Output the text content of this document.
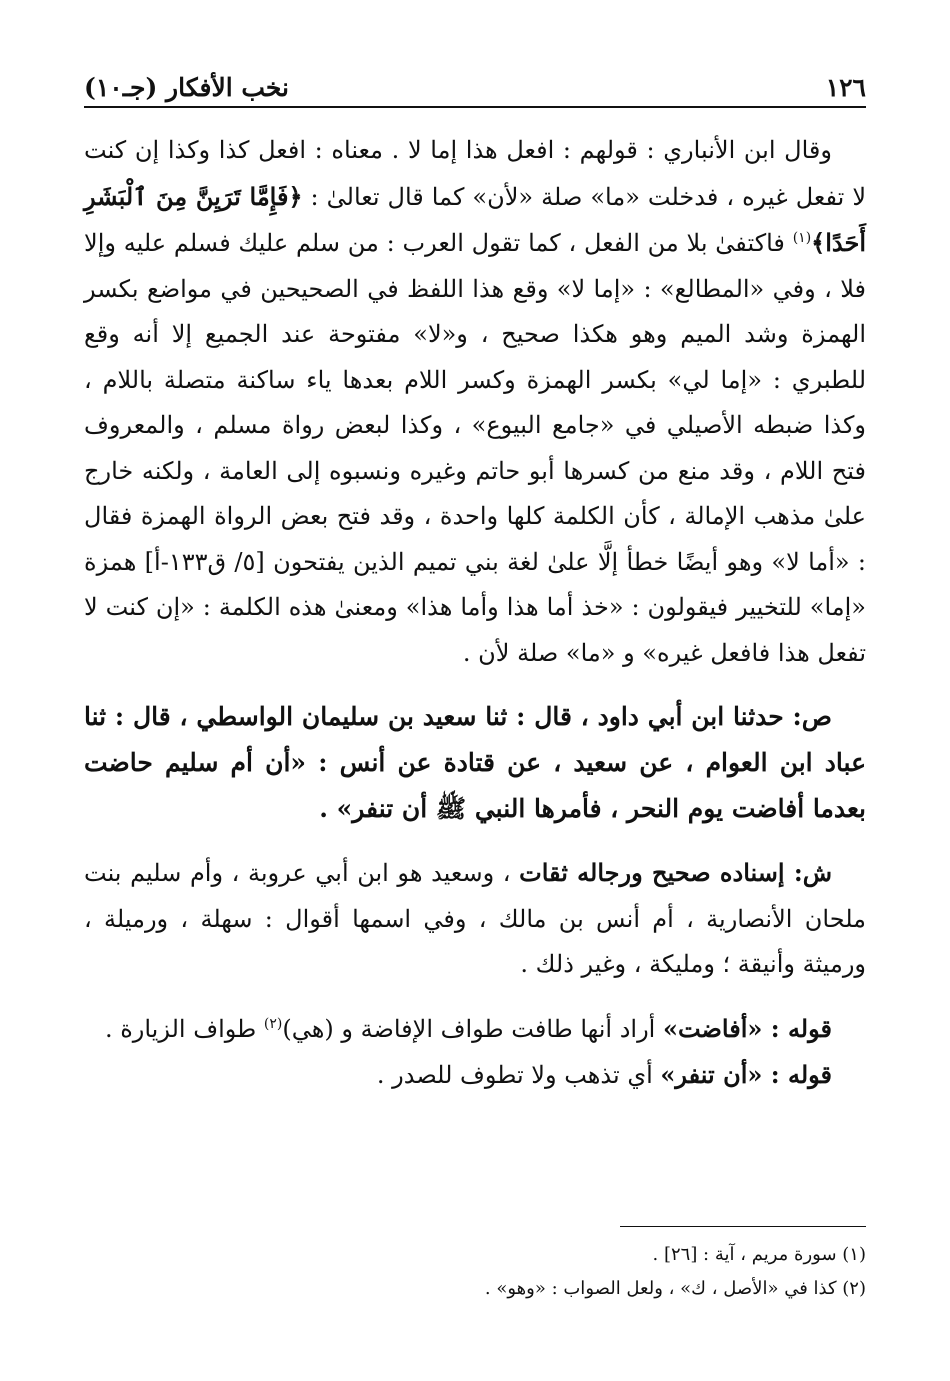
١٢٦
نخب الأفكار (جـ١٠)

وقال ابن الأنباري : قولهم : افعل هذا إما لا . معناه : افعل كذا وكذا إن كنت لا تفعل غيره ، فدخلت «ما» صلة «لأن» كما قال تعالىٰ : ﴿فَإِمَّا تَرَيِنَّ مِنَ ٱلْبَشَرِ أَحَدًا﴾$^{(١)}$ فاكتفىٰ بلا من الفعل ، كما تقول العرب : من سلم عليك فسلم عليه وإلا فلا ، وفي «المطالع» : «إما لا» وقع هذا اللفظ في الصحيحين في مواضع بكسر الهمزة وشد الميم وهو هكذا صحيح ، و«لا» مفتوحة عند الجميع إلا أنه وقع للطبري : «إما لي» بكسر الهمزة وكسر اللام بعدها ياء ساكنة متصلة باللام ، وكذا ضبطه الأصيلي في «جامع البيوع» ، وكذا لبعض رواة مسلم ، والمعروف فتح اللام ، وقد منع من كسرها أبو حاتم وغيره ونسبوه إلى العامة ، ولكنه خارج علىٰ مذهب الإمالة ، كأن الكلمة كلها واحدة ، وقد فتح بعض الرواة الهمزة فقال : «أما لا» وهو أيضًا خطأ إلَّا علىٰ لغة بني تميم الذين يفتحون [٥/ ق١٣٣-أ] همزة «إما» للتخيير فيقولون : «خذ أما هذا وأما هذا» ومعنىٰ هذه الكلمة : «إن كنت لا تفعل هذا فافعل غيره» و «ما» صلة لأن .

ص: حدثنا ابن أبي داود ، قال : ثنا سعيد بن سليمان الواسطي ، قال : ثنا عباد ابن العوام ، عن سعيد ، عن قتادة عن أنس : «أن أم سليم حاضت بعدما أفاضت يوم النحر ، فأمرها النبي ﷺ أن تنفر» .

ش: إسناده صحيح ورجاله ثقات ، وسعيد هو ابن أبي عروبة ، وأم سليم بنت ملحان الأنصارية ، أم أنس بن مالك ، وفي اسمها أقوال : سهلة ، ورميلة ، ورميثة وأنيقة ؛ ومليكة ، وغير ذلك .

قوله : «أفاضت» أراد أنها طافت طواف الإفاضة و (هي)$^{(٢)}$ طواف الزيارة .

قوله : «أن تنفر» أي تذهب ولا تطوف للصدر .

(١) سورة مريم ، آية : [٢٦] .

(٢) كذا في «الأصل ، ك» ، ولعل الصواب : «وهو» .
